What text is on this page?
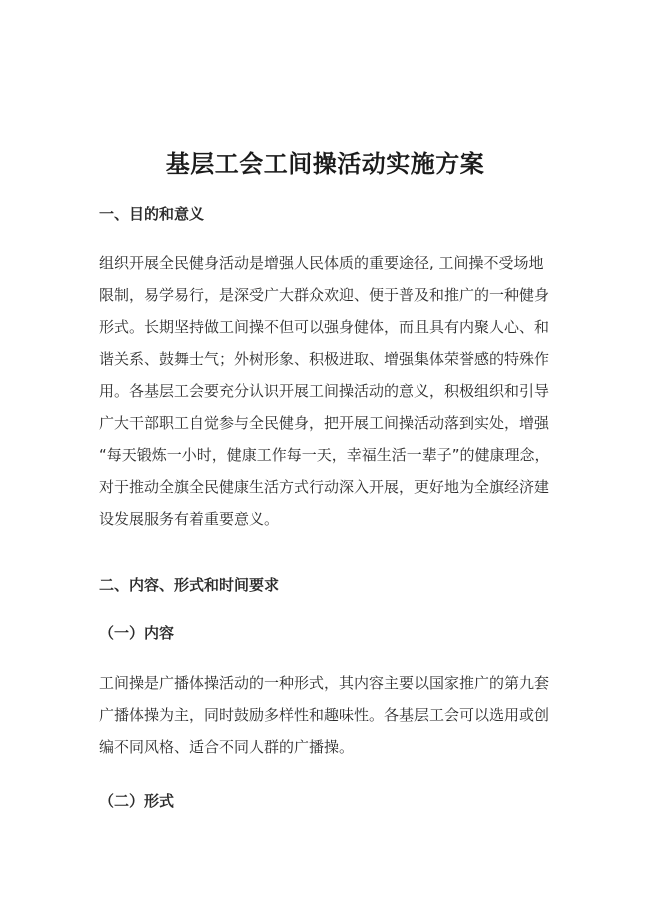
基层工会工间操活动实施方案
一、目的和意义
组织开展全民健身活动是增强人民体质的重要途径, 工间操不受场地
限制，易学易行，是深受广大群众欢迎、便于普及和推广的一种健身
形式。长期坚持做工间操不但可以强身健体，而且具有内聚人心、和
谐关系、鼓舞士气；外树形象、积极进取、增强集体荣誉感的特殊作
用。各基层工会要充分认识开展工间操活动的意义，积极组织和引导
广大干部职工自觉参与全民健身，把开展工间操活动落到实处，增强
“每天锻炼一小时，健康工作每一天，幸福生活一辈子”的健康理念，
对于推动全旗全民健康生活方式行动深入开展，更好地为全旗经济建
设发展服务有着重要意义。
二、内容、形式和时间要求
（一）内容
工间操是广播体操活动的一种形式，其内容主要以国家推广的第九套
广播体操为主，同时鼓励多样性和趣味性。各基层工会可以选用或创
编不同风格、适合不同人群的广播操。
（二）形式
